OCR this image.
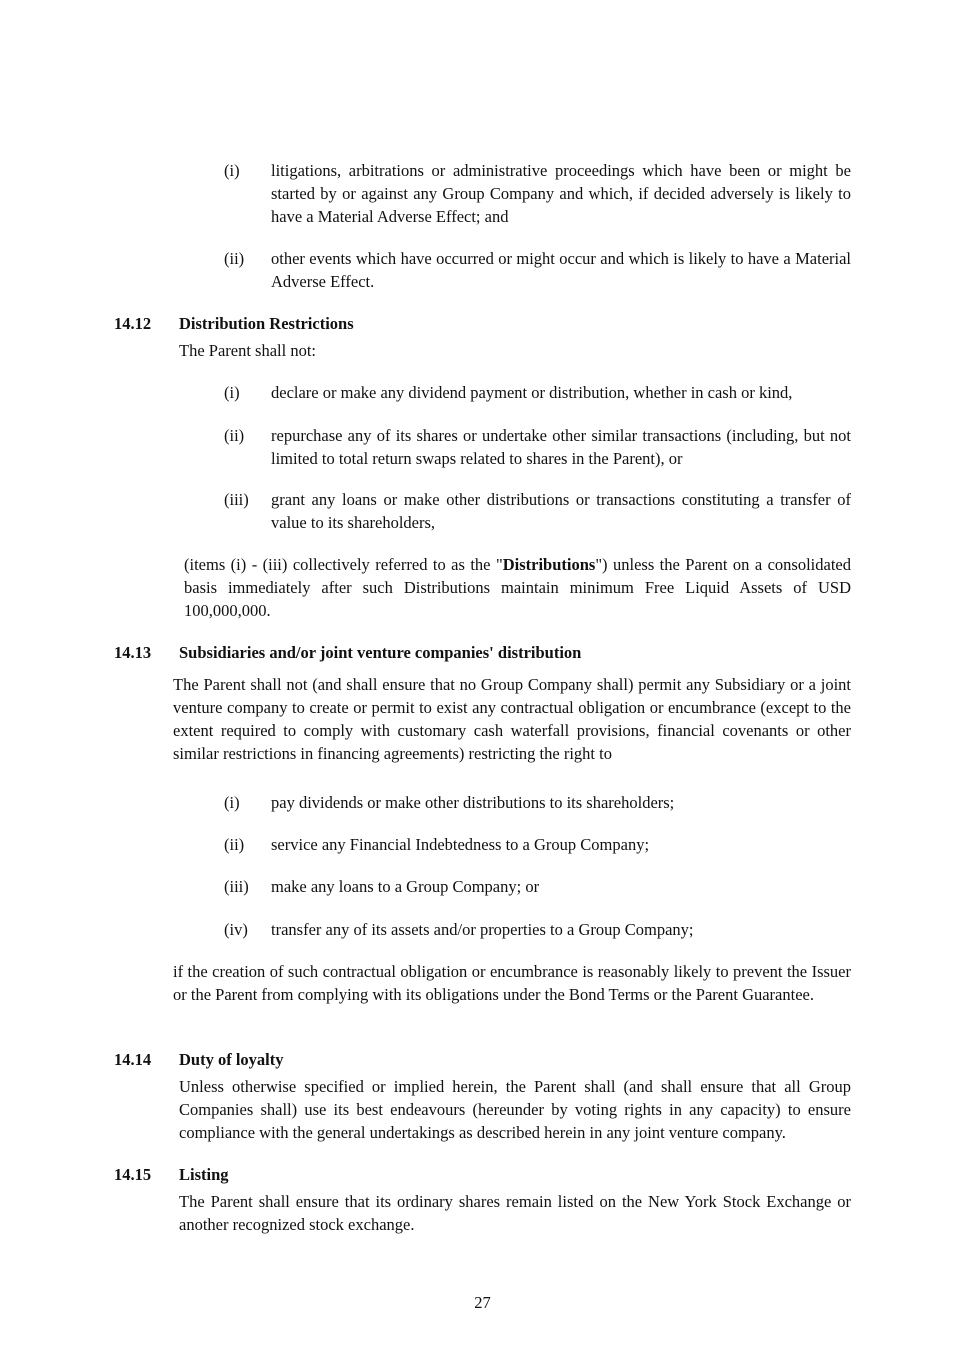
(i) litigations, arbitrations or administrative proceedings which have been or might be started by or against any Group Company and which, if decided adversely is likely to have a Material Adverse Effect; and
(ii) other events which have occurred or might occur and which is likely to have a Material Adverse Effect.
14.12 Distribution Restrictions
The Parent shall not:
(i) declare or make any dividend payment or distribution, whether in cash or kind,
(ii) repurchase any of its shares or undertake other similar transactions (including, but not limited to total return swaps related to shares in the Parent), or
(iii) grant any loans or make other distributions or transactions constituting a transfer of value to its shareholders,
(items (i) - (iii) collectively referred to as the "Distributions") unless the Parent on a consolidated basis immediately after such Distributions maintain minimum Free Liquid Assets of USD 100,000,000.
14.13 Subsidiaries and/or joint venture companies' distribution
The Parent shall not (and shall ensure that no Group Company shall) permit any Subsidiary or a joint venture company to create or permit to exist any contractual obligation or encumbrance (except to the extent required to comply with customary cash waterfall provisions, financial covenants or other similar restrictions in financing agreements) restricting the right to
(i) pay dividends or make other distributions to its shareholders;
(ii) service any Financial Indebtedness to a Group Company;
(iii) make any loans to a Group Company; or
(iv) transfer any of its assets and/or properties to a Group Company;
if the creation of such contractual obligation or encumbrance is reasonably likely to prevent the Issuer or the Parent from complying with its obligations under the Bond Terms or the Parent Guarantee.
14.14 Duty of loyalty
Unless otherwise specified or implied herein, the Parent shall (and shall ensure that all Group Companies shall) use its best endeavours (hereunder by voting rights in any capacity) to ensure compliance with the general undertakings as described herein in any joint venture company.
14.15 Listing
The Parent shall ensure that its ordinary shares remain listed on the New York Stock Exchange or another recognized stock exchange.
27
